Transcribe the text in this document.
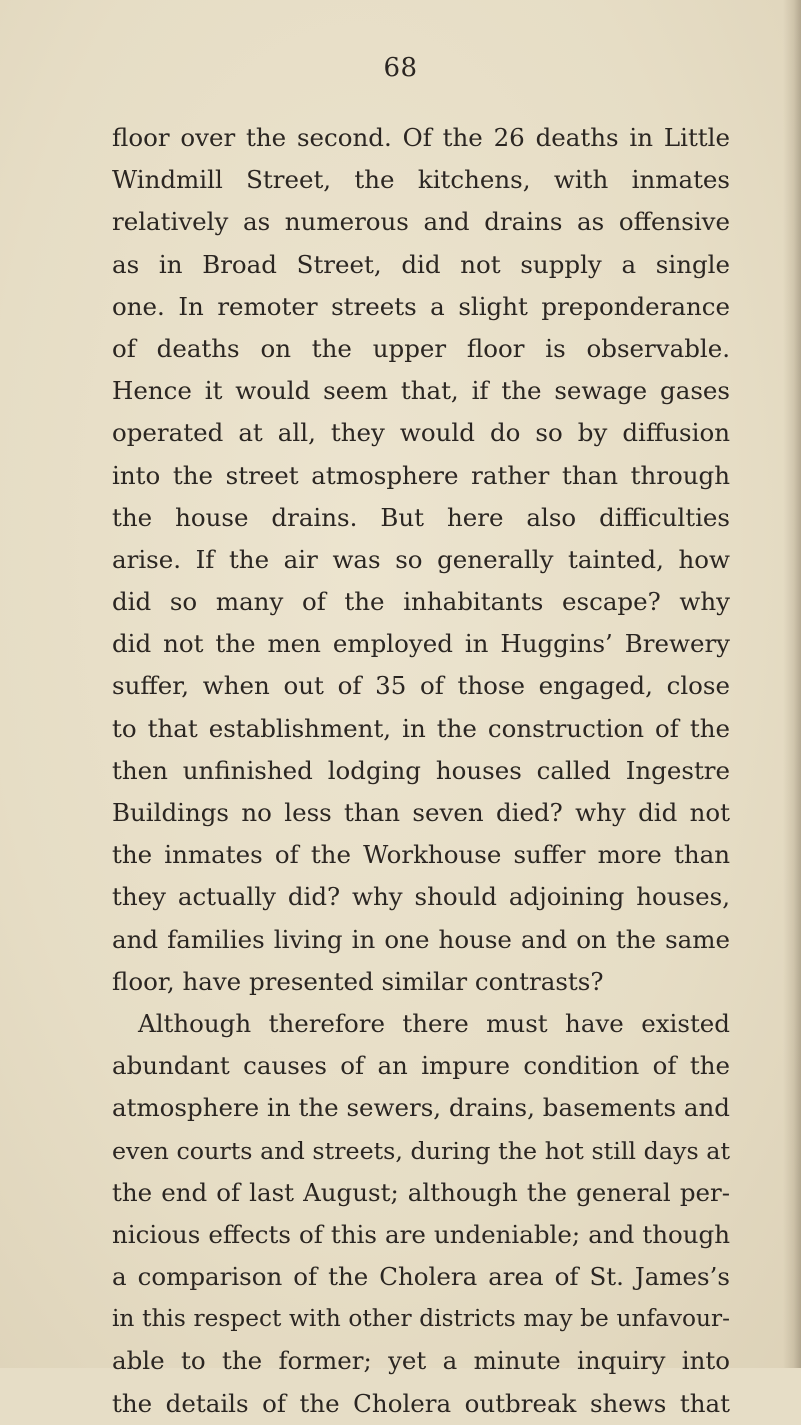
68
floor over the second. Of the 26 deaths in Little
Windmill Street, the kitchens, with inmates
relatively as numerous and drains as offensive
as in Broad Street, did not supply a single
one. In remoter streets a slight preponderance
of deaths on the upper floor is observable.
Hence it would seem that, if the sewage gases
operated at all, they would do so by diffusion
into the street atmosphere rather than through
the house drains. But here also difficulties
arise. If the air was so generally tainted, how
did so many of the inhabitants escape? why
did not the men employed in Huggins’ Brewery
suffer, when out of 35 of those engaged, close
to that establishment, in the construction of the
then unfinished lodging houses called Ingestre
Buildings no less than seven died? why did not
the inmates of the Workhouse suffer more than
they actually did? why should adjoining houses,
and families living in one house and on the same
floor, have presented similar contrasts?
Although therefore there must have existed
abundant causes of an impure condition of the
atmosphere in the sewers, drains, basements and
even courts and streets, during the hot still days at
the end of last August; although the general per-
nicious effects of this are undeniable; and though
a comparison of the Cholera area of St. James’s
in this respect with other districts may be unfavour-
able to the former; yet a minute inquiry into
the details of the Cholera outbreak shews that
